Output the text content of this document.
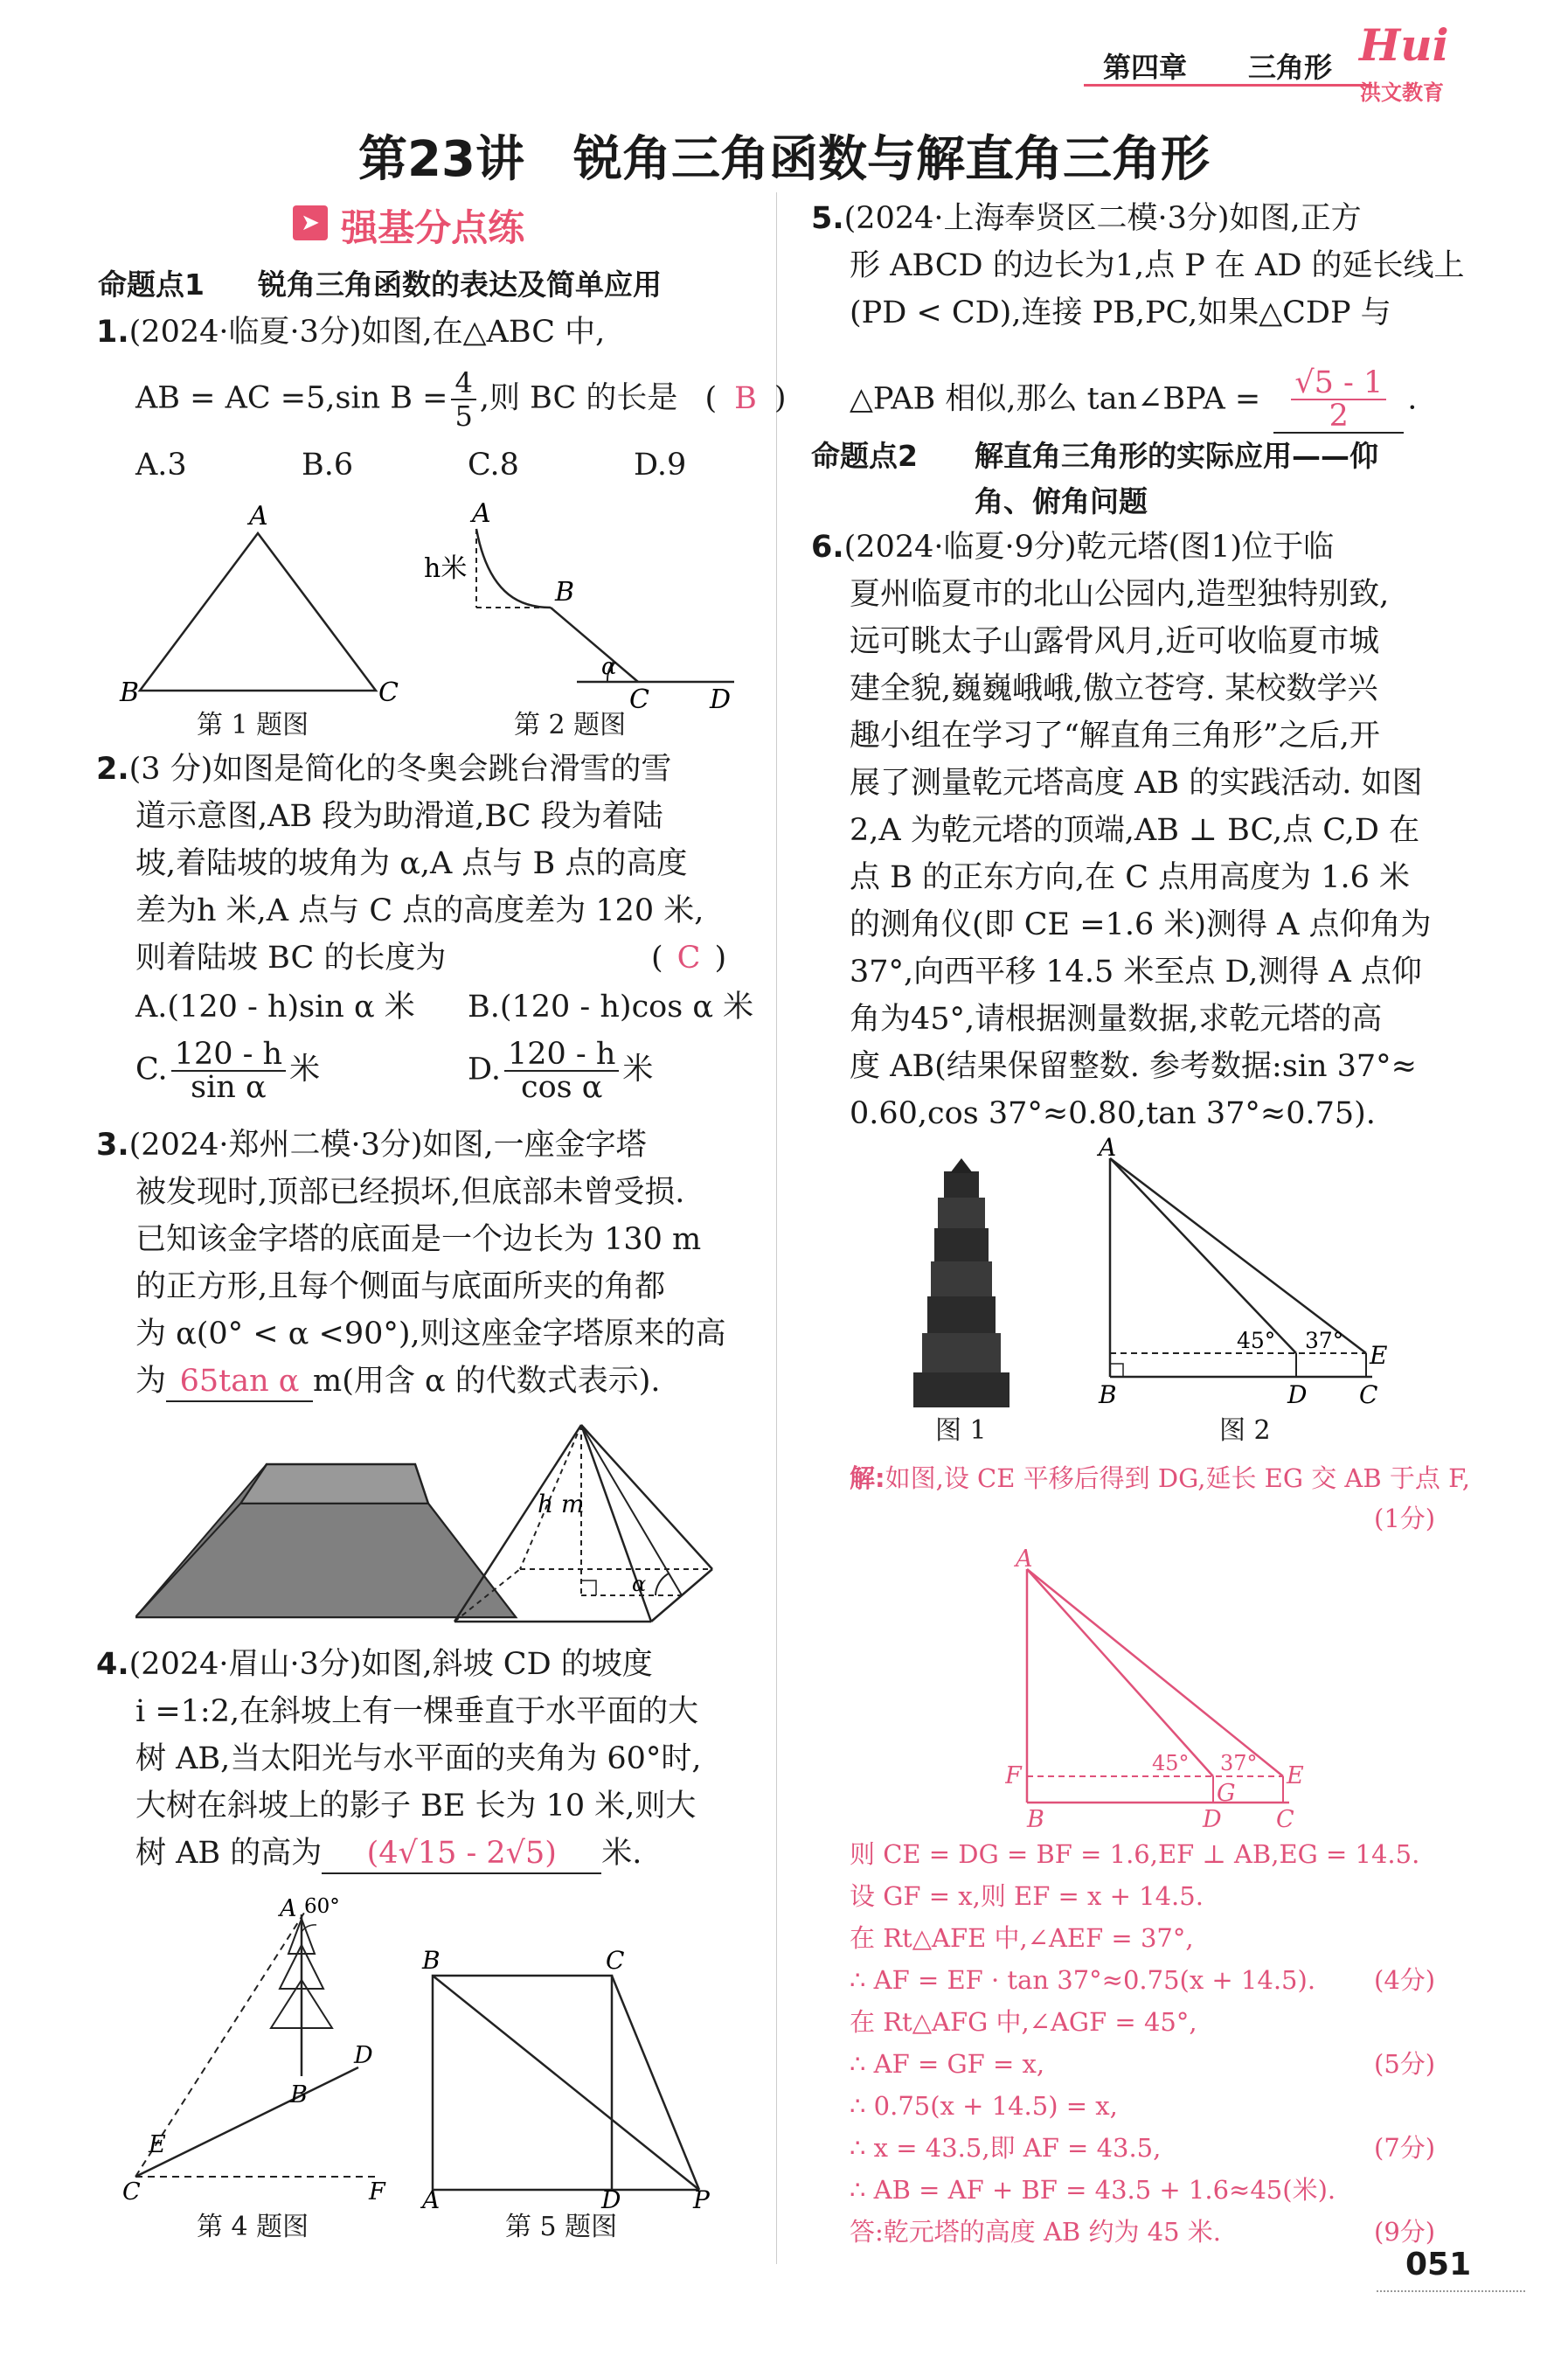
第四章 三角形 Hui
洪文教育
第23讲　锐角三角函数与解直角三角形
➤ 强基分点练
命题点1 锐角三角函数的表达及简单应用
1.(2024·临夏·3分)如图,在△ABC 中,
AB = AC =5,sin $B = \frac{4}{5}$ ,则 BC 的长是 ( B )
A.3	B.6	C.8	D.9
A
B	C
第 1 题图
A
B
C D
h米
α
第 2 题图
2.(3 分)如图是简化的冬奥会跳台滑雪的雪
道示意图,AB 段为助滑道,BC 段为着陆
坡,着陆坡的坡角为 α,A 点与 B 点的高度
差为h 米,A 点与 C 点的高度差为 120 米,
则着陆坡 BC 的长度为	( C )
A.(120 - h)sin α 米 B.(120 - h)cos α 米
C. $\frac{120 - h}{\text{sin α}}$ 米	D. $\frac{120 - h}{\text{cos α}}$ 米
3.(2024·郑州二模·3分)如图,一座金字塔
被发现时,顶部已经损坏,但底部未曾受损.
已知该金字塔的底面是一个边长为 130 m
的正方形,且每个侧面与底面所夹的角都
为 α(0° < α <90°),则这座金字塔原来的高
为 65tan α m(用含 α 的代数式表示).
h m
α
4.(2024·眉山·3分)如图,斜坡 CD 的坡度
i =1:2,在斜坡上有一棵垂直于水平面的大
树 AB,当太阳光与水平面的夹角为 60°时,
大树在斜坡上的影子 BE 长为 10 米,则大
树 AB 的高为 (4√15 - 2√5) 米.
A 60°
B
C
D
E
F
第 4 题图
B	C
A	D	P
第 5 题图
5.(2024·上海奉贤区二模·3分)如图,正方
形 ABCD 的边长为1,点 P 在 AD 的延长线上
(PD < CD),连接 PB,PC,如果△CDP 与
△PAB 相似,那么 tan∠BPA = $\frac{√5 - 1}{2}$ .
命题点2 解直角三角形的实际应用——仰
角、俯角问题
6.(2024·临夏·9分)乾元塔(图1)位于临
夏州临夏市的北山公园内,造型独特别致,
远可眺太子山露骨风月,近可收临夏市城
建全貌,巍巍峨峨,傲立苍穹. 某校数学兴
趣小组在学习了“解直角三角形”之后,开
展了测量乾元塔高度 AB 的实践活动. 如图
2,A 为乾元塔的顶端,AB ⊥ BC,点 C,D 在
点 B 的正东方向,在 C 点用高度为 1.6 米
的测角仪(即 CE =1.6 米)测得 A 点仰角为
37°,向西平移 14.5 米至点 D,测得 A 点仰
角为45°,请根据测量数据,求乾元塔的高
度 AB(结果保留整数. 参考数据:sin 37°≈
0.60,cos 37°≈0.80,tan 37°≈0.75).
图 1
A
B	D C
E
45° 37°
图 2
解:如图,设 CE 平移后得到 DG,延长 EG 交 AB 于点 F,
(1分)
A
F
B	D
G
C
E
45° 37°
则 CE = DG = BF = 1.6,EF ⊥ AB,EG = 14.5.
设 GF = x,则 EF = x + 14.5.
在 Rt△AFE 中,∠AEF = 37°,
∴ AF = EF · tan 37°≈0.75(x + 14.5). (4分)
在 Rt△AFG 中,∠AGF = 45°,
∴ AF = GF = x,	(5分)
∴ 0.75(x + 14.5) = x,
∴ x = 43.5,即 AF = 43.5,	(7分)
∴ AB = AF + BF = 43.5 + 1.6≈45(米).
答:乾元塔的高度 AB 约为 45 米.	(9分)
051
